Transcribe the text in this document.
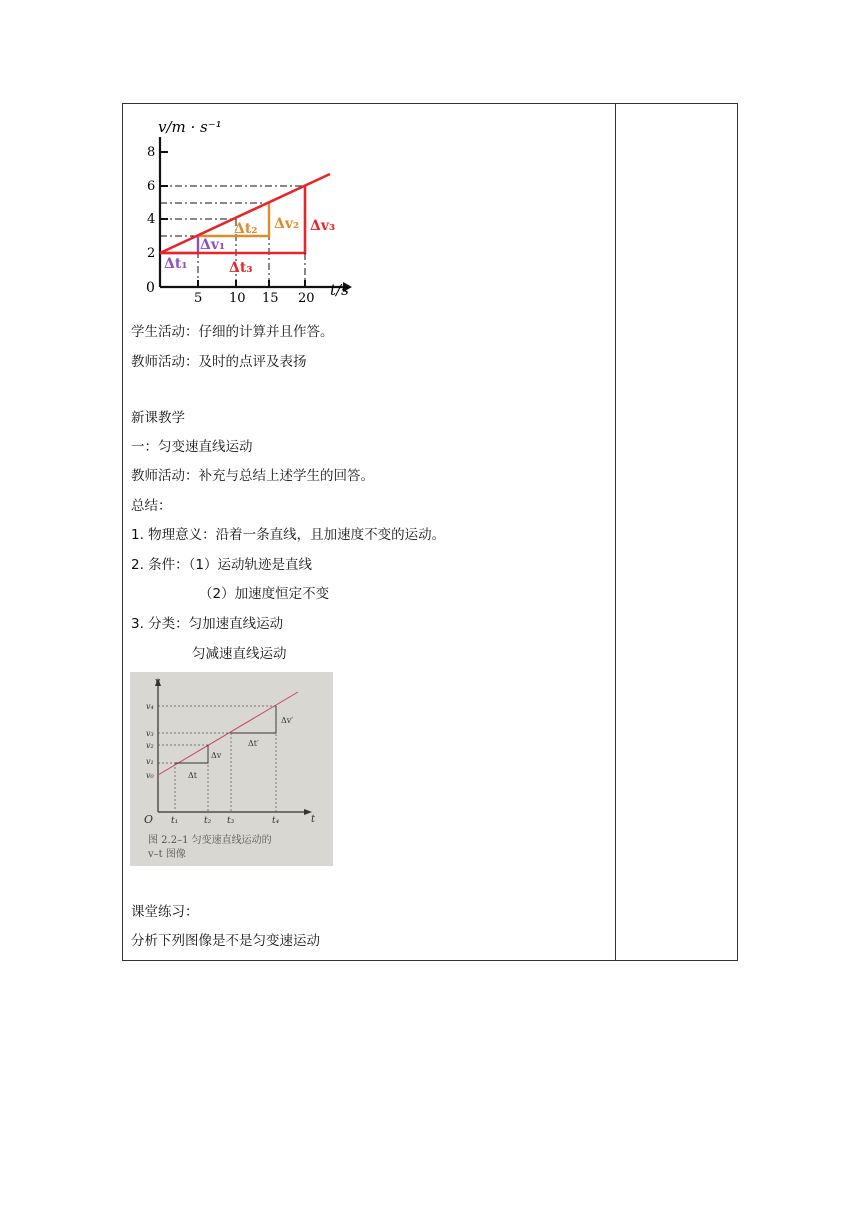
v/m · s⁻¹
t/s
0
2
4
6
8
5 10 15 20
Δt₁
Δv₁
Δt₂ Δv₂
Δt₃
Δv₃
学生活动：仔细的计算并且作答。
教师活动：及时的点评及表扬
新课教学
一：匀变速直线运动
教师活动：补充与总结上述学生的回答。
总结：
1. 物理意义：沿着一条直线，且加速度不变的运动。
2. 条件：（1）运动轨迹是直线
（2）加速度恒定不变
3. 分类：匀加速直线运动
匀减速直线运动
v
t
O
v₄
v₃
v₂
v₁
v₀
t₁	t₂ t₃	t₄
Δv
Δt
Δv′
Δt′
图 2.2–1 匀变速直线运动的
v–t 图像
课堂练习：
分析下列图像是不是匀变速运动
